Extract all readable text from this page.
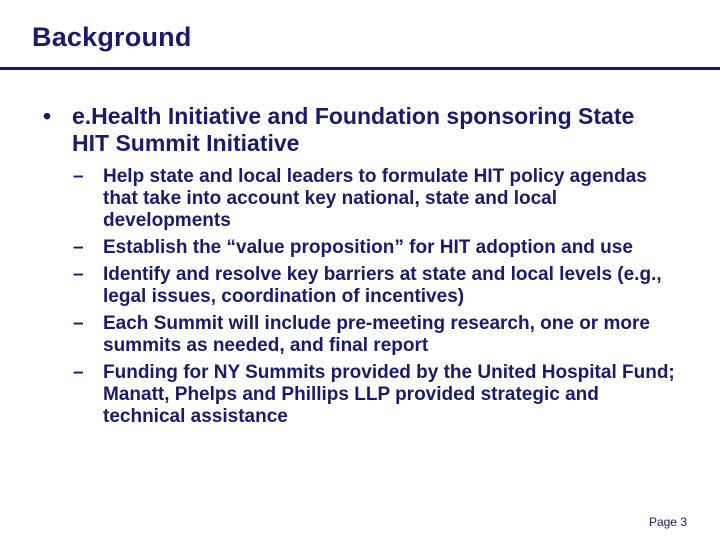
Background
• e.Health Initiative and Foundation sponsoring State HIT Summit Initiative
– Help state and local leaders to formulate HIT policy agendas that take into account key national, state and local developments
– Establish the “value proposition” for HIT adoption and use
– Identify and resolve key barriers at state and local levels (e.g., legal issues, coordination of incentives)
– Each Summit will include pre-meeting research, one or more summits as needed, and final report
– Funding for NY Summits provided by the United Hospital Fund; Manatt, Phelps and Phillips LLP provided strategic and technical assistance
Page 3
